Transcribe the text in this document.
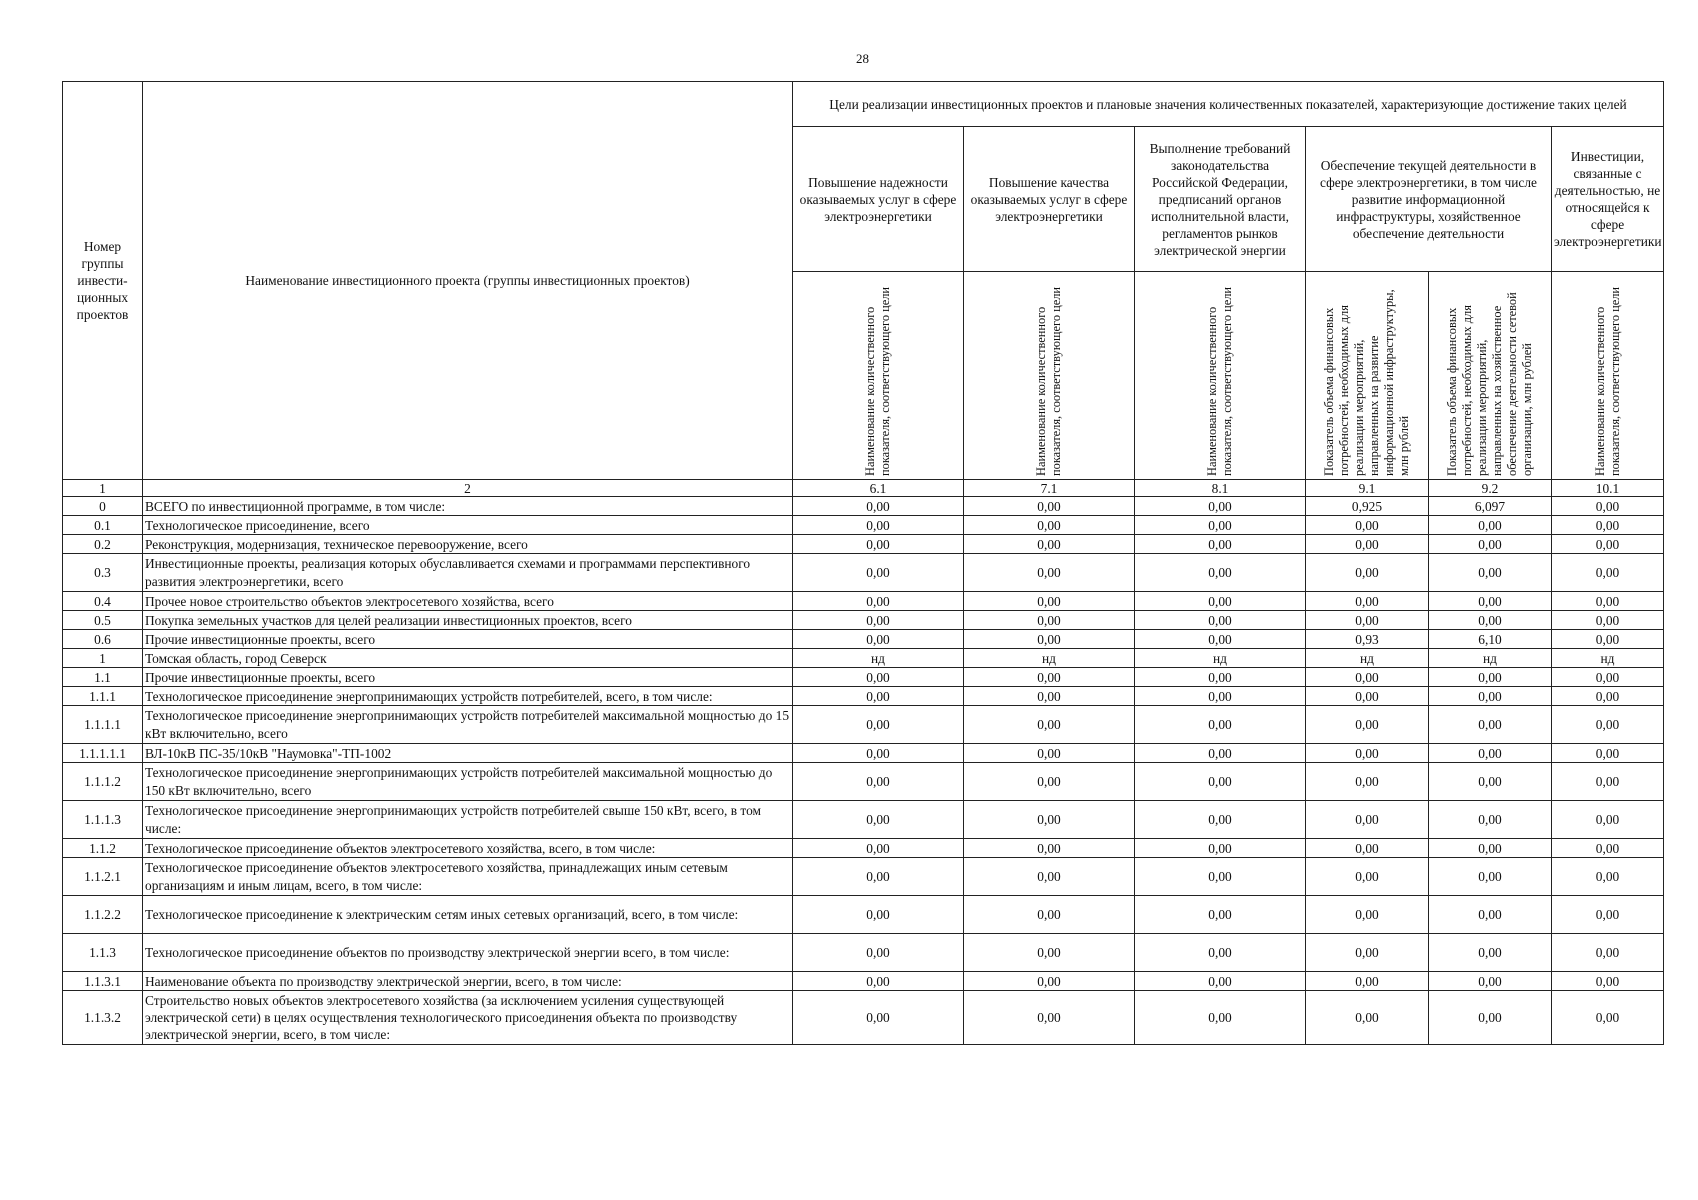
28
Номер группы инвести-ционных проектов	Наименование инвестиционного проекта (группы инвестиционных проектов)	Цели реализации инвестиционных проектов и плановые значения количественных показателей, характеризующие достижение таких целей					
		Повышение надежности оказываемых услуг в сфере электроэнергетики	Повышение качества оказываемых услуг в сфере электроэнергетики	Выполнение требований законодательства Российской Федерации, предписаний органов исполнительной власти, регламентов рынков электрической энергии	Обеспечение текущей деятельности в сфере электроэнергетики, в том числе развитие информационной инфраструктуры, хозяйственное обеспечение деятельности		Инвестиции, связанные с деятельностью, не относящейся к сфере электроэнергетики

		Наименование количественного показателя, соответствующего цели	Наименование количественного показателя, соответствующего цели	Наименование количественного показателя, соответствующего цели	Показатель объема финансовых потребностей, необходимых для реализации мероприятий, направленных на развитие информационной инфраструктуры, млн рублей	Показатель объема финансовых потребностей, необходимых для реализации мероприятий, направленных на хозяйственное обеспечение деятельности сетевой организации, млн рублей	Наименование количественного показателя, соответствующего цели

1	2	6.1	7.1	8.1	9.1	9.2	10.1
0	ВСЕГО по инвестиционной программе, в том числе:	0,00	0,00	0,00	0,925	6,097	0,00
0.1	Технологическое присоединение, всего	0,00	0,00	0,00	0,00	0,00	0,00
0.2	Реконструкция, модернизация, техническое перевооружение, всего	0,00	0,00	0,00	0,00	0,00	0,00
0.3	Инвестиционные проекты, реализация которых обуславливается схемами и программами перспективного развития электроэнергетики, всего	0,00	0,00	0,00	0,00	0,00	0,00
0.4	Прочее новое строительство объектов электросетевого хозяйства, всего	0,00	0,00	0,00	0,00	0,00	0,00
0.5	Покупка земельных участков для целей реализации инвестиционных проектов, всего	0,00	0,00	0,00	0,00	0,00	0,00
0.6	Прочие инвестиционные проекты, всего	0,00	0,00	0,00	0,93	6,10	0,00
1	Томская область, город Северск	нд	нд	нд	нд	нд	нд
1.1	Прочие инвестиционные проекты, всего	0,00	0,00	0,00	0,00	0,00	0,00
1.1.1	Технологическое присоединение энергопринимающих устройств потребителей, всего, в том числе:	0,00	0,00	0,00	0,00	0,00	0,00
1.1.1.1	Технологическое присоединение энергопринимающих устройств потребителей максимальной мощностью до 15 кВт включительно, всего	0,00	0,00	0,00	0,00	0,00	0,00
1.1.1.1.1	ВЛ-10кВ ПС-35/10кВ "Наумовка"-ТП-1002	0,00	0,00	0,00	0,00	0,00	0,00
1.1.1.2	Технологическое присоединение энергопринимающих устройств потребителей максимальной мощностью до 150 кВт включительно, всего	0,00	0,00	0,00	0,00	0,00	0,00
1.1.1.3	Технологическое присоединение энергопринимающих устройств потребителей свыше 150 кВт, всего, в том числе:	0,00	0,00	0,00	0,00	0,00	0,00
1.1.2	Технологическое присоединение объектов электросетевого хозяйства, всего, в том числе:	0,00	0,00	0,00	0,00	0,00	0,00
1.1.2.1	Технологическое присоединение объектов электросетевого хозяйства, принадлежащих иным сетевым организациям и иным лицам, всего, в том числе:	0,00	0,00	0,00	0,00	0,00	0,00
1.1.2.2	Технологическое присоединение к электрическим сетям иных сетевых организаций, всего, в том числе:	0,00	0,00	0,00	0,00	0,00	0,00
1.1.3	Технологическое присоединение объектов по производству электрической энергии всего, в том числе:	0,00	0,00	0,00	0,00	0,00	0,00
1.1.3.1	Наименование объекта по производству электрической энергии, всего, в том числе:	0,00	0,00	0,00	0,00	0,00	0,00
1.1.3.2	Строительство новых объектов электросетевого хозяйства (за исключением усиления существующей электрической сети) в целях осуществления технологического присоединения объекта по производству электрической энергии, всего, в том числе:	0,00	0,00	0,00	0,00	0,00	0,00
